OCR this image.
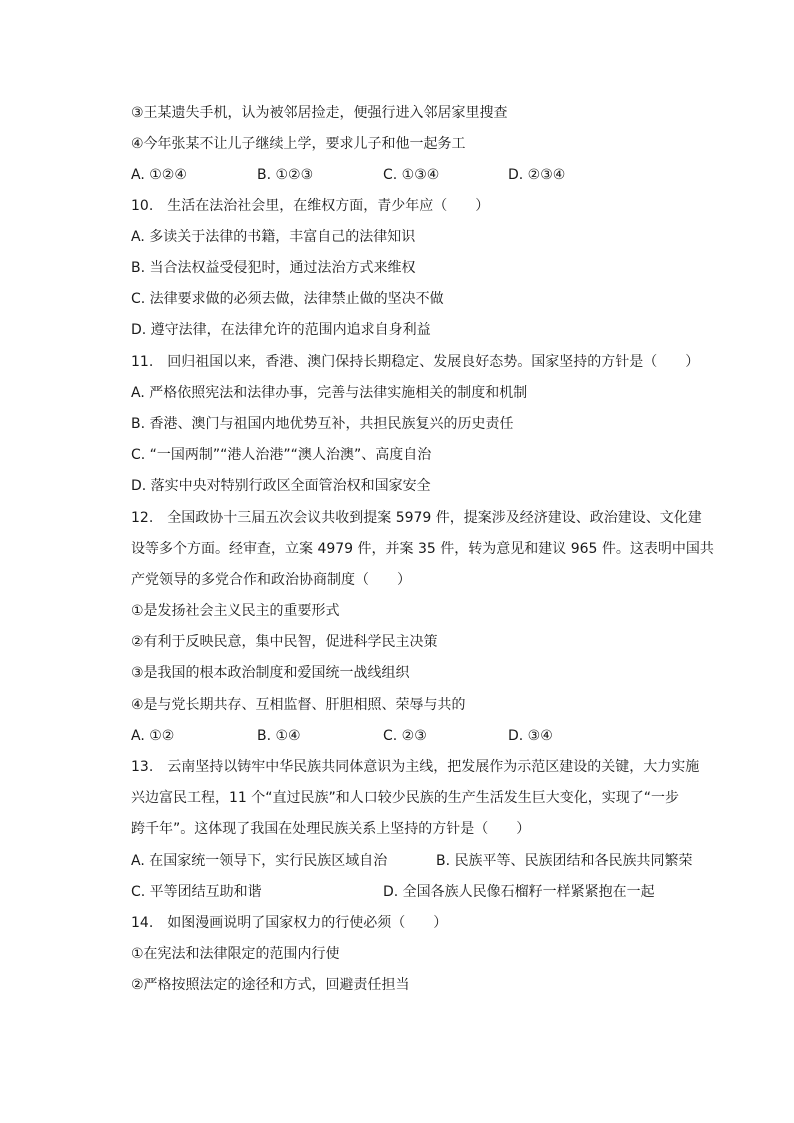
③王某遗失手机，认为被邻居捡走，便强行进入邻居家里搜查
④今年张某不让儿子继续上学，要求儿子和他一起务工
A. ①②④	B. ①②③	C. ①③④	D. ②③④
10.　生活在法治社会里，在维权方面，青少年应（　　）
A. 多读关于法律的书籍，丰富自己的法律知识
B. 当合法权益受侵犯时，通过法治方式来维权
C. 法律要求做的必须去做，法律禁止做的坚决不做
D. 遵守法律，在法律允许的范围内追求自身利益
11.　回归祖国以来，香港、澳门保持长期稳定、发展良好态势。国家坚持的方针是（　　）
A. 严格依照宪法和法律办事，完善与法律实施相关的制度和机制
B. 香港、澳门与祖国内地优势互补，共担民族复兴的历史责任
C. “一国两制”“港人治港”“澳人治澳”、高度自治
D. 落实中央对特别行政区全面管治权和国家安全
12.　全国政协十三届五次会议共收到提案 5979 件，提案涉及经济建设、政治建设、文化建
设等多个方面。经审查，立案 4979 件，并案 35 件，转为意见和建议 965 件。这表明中国共
产党领导的多党合作和政治协商制度（　　）
①是发扬社会主义民主的重要形式
②有利于反映民意，集中民智，促进科学民主决策
③是我国的根本政治制度和爱国统一战线组织
④是与党长期共存、互相监督、肝胆相照、荣辱与共的
A. ①②	B. ①④	C. ②③	D. ③④
13.　云南坚持以铸牢中华民族共同体意识为主线，把发展作为示范区建设的关键，大力实施
兴边富民工程，11 个“直过民族”和人口较少民族的生产生活发生巨大变化，实现了“一步
跨千年”。这体现了我国在处理民族关系上坚持的方针是（　　）
A. 在国家统一领导下，实行民族区域自治	B. 民族平等、民族团结和各民族共同繁荣
C. 平等团结互助和谐	D. 全国各族人民像石榴籽一样紧紧抱在一起
14.　如图漫画说明了国家权力的行使必须（　　）
①在宪法和法律限定的范围内行使
②严格按照法定的途径和方式，回避责任担当
